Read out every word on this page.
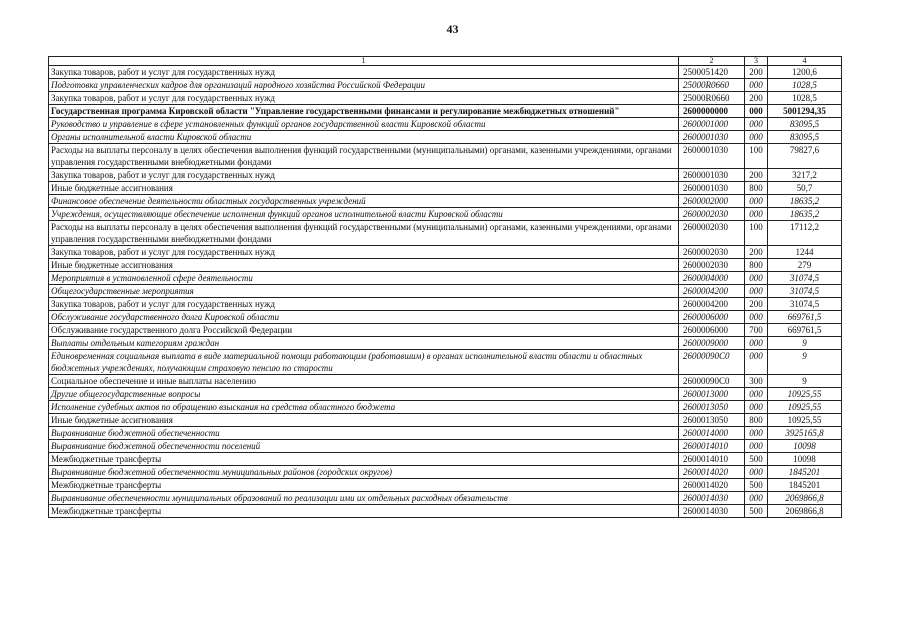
43
1	2	3	4
Закупка товаров, работ и услуг для государственных нужд	2500051420	200	1200,6
Подготовка управленческих кадров для организаций народного хозяйства Российской Федерации	25000R0660	000	1028,5
Закупка товаров, работ и услуг для государственных нужд	25000R0660	200	1028,5
Государственная программа Кировской области "Управление государственными финансами и регулирование межбюджетных отношений"	2600000000	000	5001294,35
Руководство и управление в сфере установленных функций органов государственной власти Кировской области	2600001000	000	83095,5
Органы исполнительной власти Кировской области	2600001030	000	83095,5
Расходы на выплаты персоналу в целях обеспечения выполнения функций государственными (муниципальными) органами, казенными учреждениями, органами управления государственными внебюджетными фондами	2600001030	100	79827,6
Закупка товаров, работ и услуг для государственных нужд	2600001030	200	3217,2
Иные бюджетные ассигнования	2600001030	800	50,7
Финансовое обеспечение деятельности областных государственных учреждений	2600002000	000	18635,2
Учреждения, осуществляющие обеспечение исполнения функций органов исполнительной власти Кировской области	2600002030	000	18635,2
Расходы на выплаты персоналу в целях обеспечения выполнения функций государственными (муниципальными) органами, казенными учреждениями, органами управления государственными внебюджетными фондами	2600002030	100	17112,2
Закупка товаров, работ и услуг для государственных нужд	2600002030	200	1244
Иные бюджетные ассигнования	2600002030	800	279
Мероприятия в установленной сфере деятельности	2600004000	000	31074,5
Общегосударственные мероприятия	2600004200	000	31074,5
Закупка товаров, работ и услуг для государственных нужд	2600004200	200	31074,5
Обслуживание государственного долга Кировской области	2600006000	000	669761,5
Обслуживание государственного долга Российской Федерации	2600006000	700	669761,5
Выплаты отдельным категориям граждан	2600009000	000	9
Единовременная социальная выплата в виде материальной помощи работающим (работавшим) в органах исполнительной власти области и областных бюджетных учреждениях, получающим страховую пенсию по старости	26000090С0	000	9
Социальное обеспечение и иные выплаты населению	26000090С0	300	9
Другие общегосударственные вопросы	2600013000	000	10925,55
Исполнение судебных актов по обращению взыскания на средства областного бюджета	2600013050	000	10925,55
Иные бюджетные ассигнования	2600013050	800	10925,55
Выравнивание бюджетной обеспеченности	2600014000	000	3925165,8
Выравнивание бюджетной обеспеченности поселений	2600014010	000	10098
Межбюджетные трансферты	2600014010	500	10098
Выравнивание бюджетной обеспеченности муниципальных районов (городских округов)	2600014020	000	1845201
Межбюджетные трансферты	2600014020	500	1845201
Выравнивание обеспеченности муниципальных образований по реализации ими их отдельных расходных обязательств	2600014030	000	2069866,8
Межбюджетные трансферты	2600014030	500	2069866,8
